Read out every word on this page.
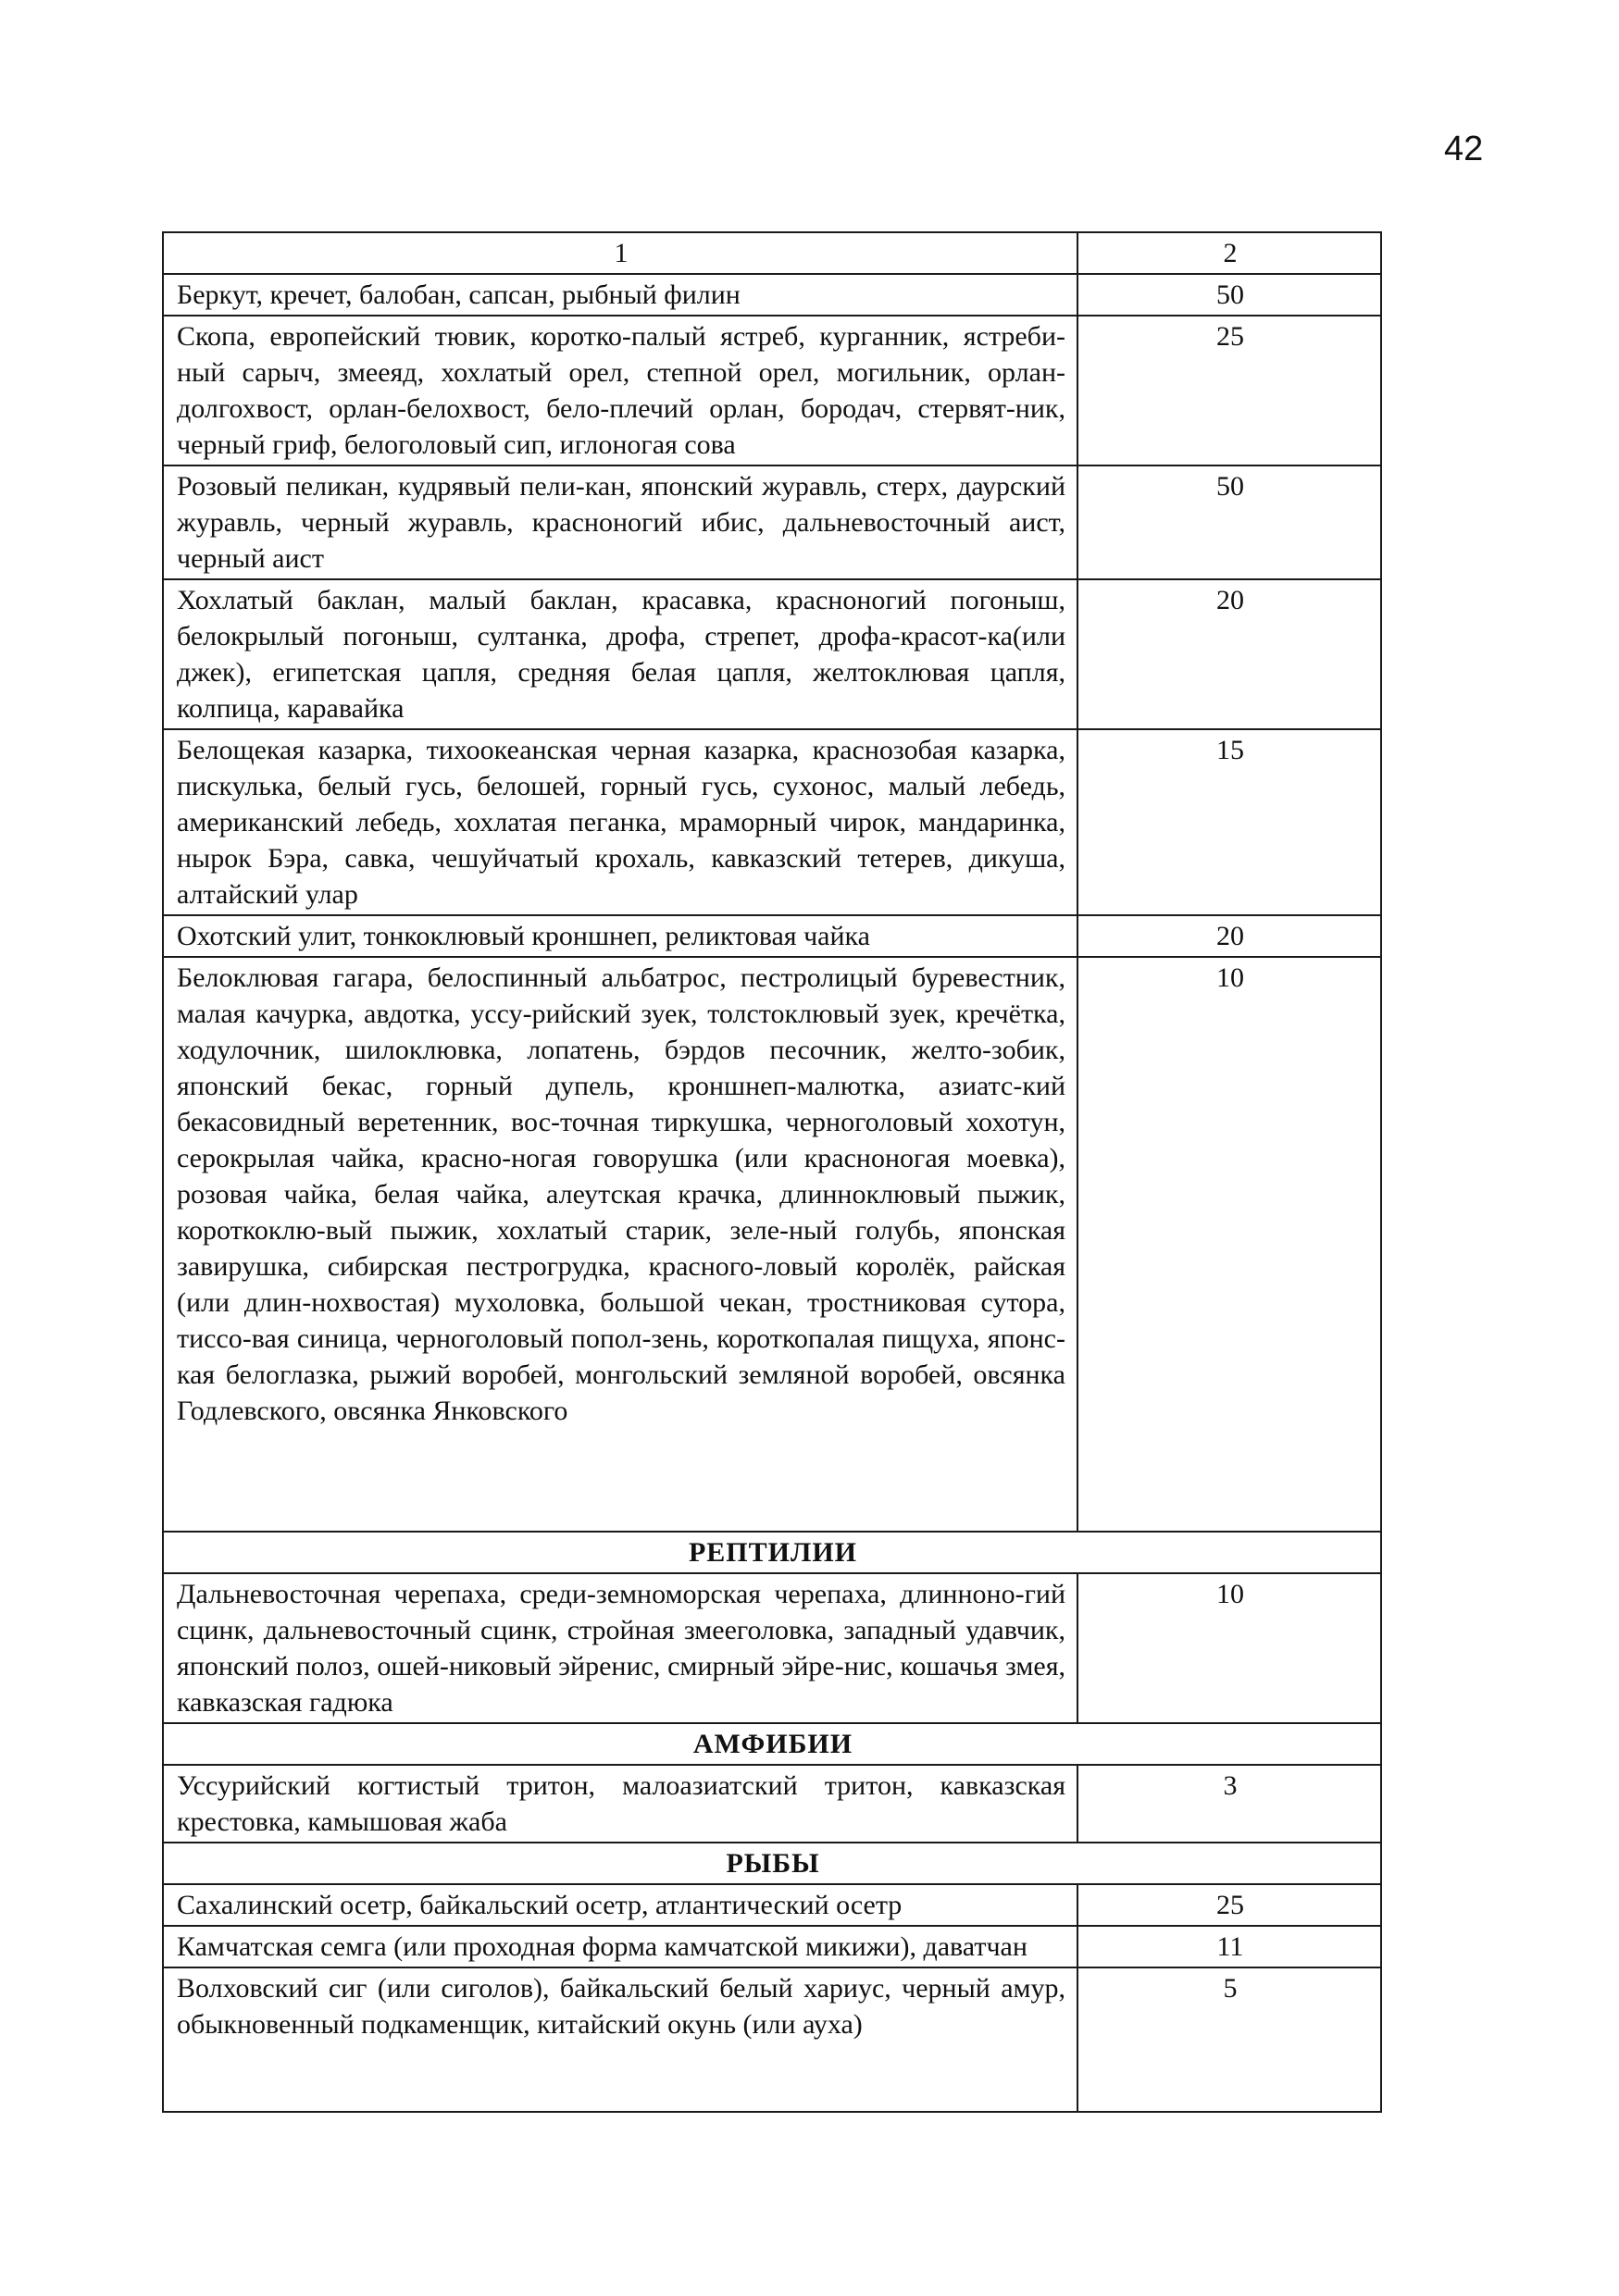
42
1	2
Беркут, кречет, балобан, сапсан, рыбный филин	50
Скопа, европейский тювик, коротко-палый ястреб, курганник, ястреби-ный сарыч, змееяд, хохлатый орел, степной орел, могильник, орлан-долгохвост, орлан-белохвост, бело-плечий орлан, бородач, стервят-ник, черный гриф, белоголовый сип, иглоногая сова	25
Розовый пеликан, кудрявый пели-кан, японский журавль, стерх, даурский журавль, черный журавль, красноногий ибис, дальневосточный аист, черный аист	50
Хохлатый баклан, малый баклан, красавка, красноногий погоныш, белокрылый погоныш, султанка, дрофа, стрепет, дрофа-красот-ка(или джек), египетская цапля, средняя белая цапля, желтоклювая цапля, колпица, каравайка	20
Белощекая казарка, тихоокеанская черная казарка, краснозобая казарка, пискулька, белый гусь, белошей, горный гусь, сухонос, малый лебедь, американский лебедь, хохлатая пеганка, мраморный чирок, мандаринка, нырок Бэра, савка, чешуйчатый крохаль, кавказский тетерев, дикуша, алтайский улар	15
Охотский улит, тонкоклювый кроншнеп, реликтовая чайка	20
Белоклювая гагара, белоспинный альбатрос, пестролицый буревестник, малая качурка, авдотка, уссу-рийский зуек, толстоклювый зуек, кречётка, ходулочник, шилоклювка, лопатень, бэрдов песочник, желто-зобик, японский бекас, горный дупель, кроншнеп-малютка, азиатс-кий бекасовидный веретенник, вос-точная тиркушка, черноголовый хохотун, серокрылая чайка, красно-ногая говорушка (или красноногая моевка), розовая чайка, белая чайка, алеутская крачка, длинноклювый пыжик, короткоклю-вый пыжик, хохлатый старик, зеле-ный голубь, японская завирушка, сибирская пестрогрудка, красного-ловый королёк, райская (или длин-нохвостая) мухоловка, большой чекан, тростниковая сутора, тиссо-вая синица, черноголовый попол-зень, короткопалая пищуха, японс-кая белоглазка, рыжий воробей, монгольский земляной воробей, овсянка Годлевского, овсянка Янковского	10
РЕПТИЛИИ	
Дальневосточная черепаха, среди-земноморская черепаха, длинноно-гий сцинк, дальневосточный сцинк, стройная змееголовка, западный удавчик, японский полоз, ошей-никовый эйренис, смирный эйре-нис, кошачья змея, кавказская гадюка	10
АМФИБИИ	
Уссурийский когтистый тритон, малоазиатский тритон, кавказская крестовка, камышовая жаба	3
РЫБЫ	
Сахалинский осетр, байкальский осетр, атлантический осетр	25
Камчатская семга (или проходная форма камчатской микижи), даватчан	11
Волховский сиг (или сиголов), байкальский белый хариус, черный амур, обыкновенный подкаменщик, китайский окунь (или ауха)	5
